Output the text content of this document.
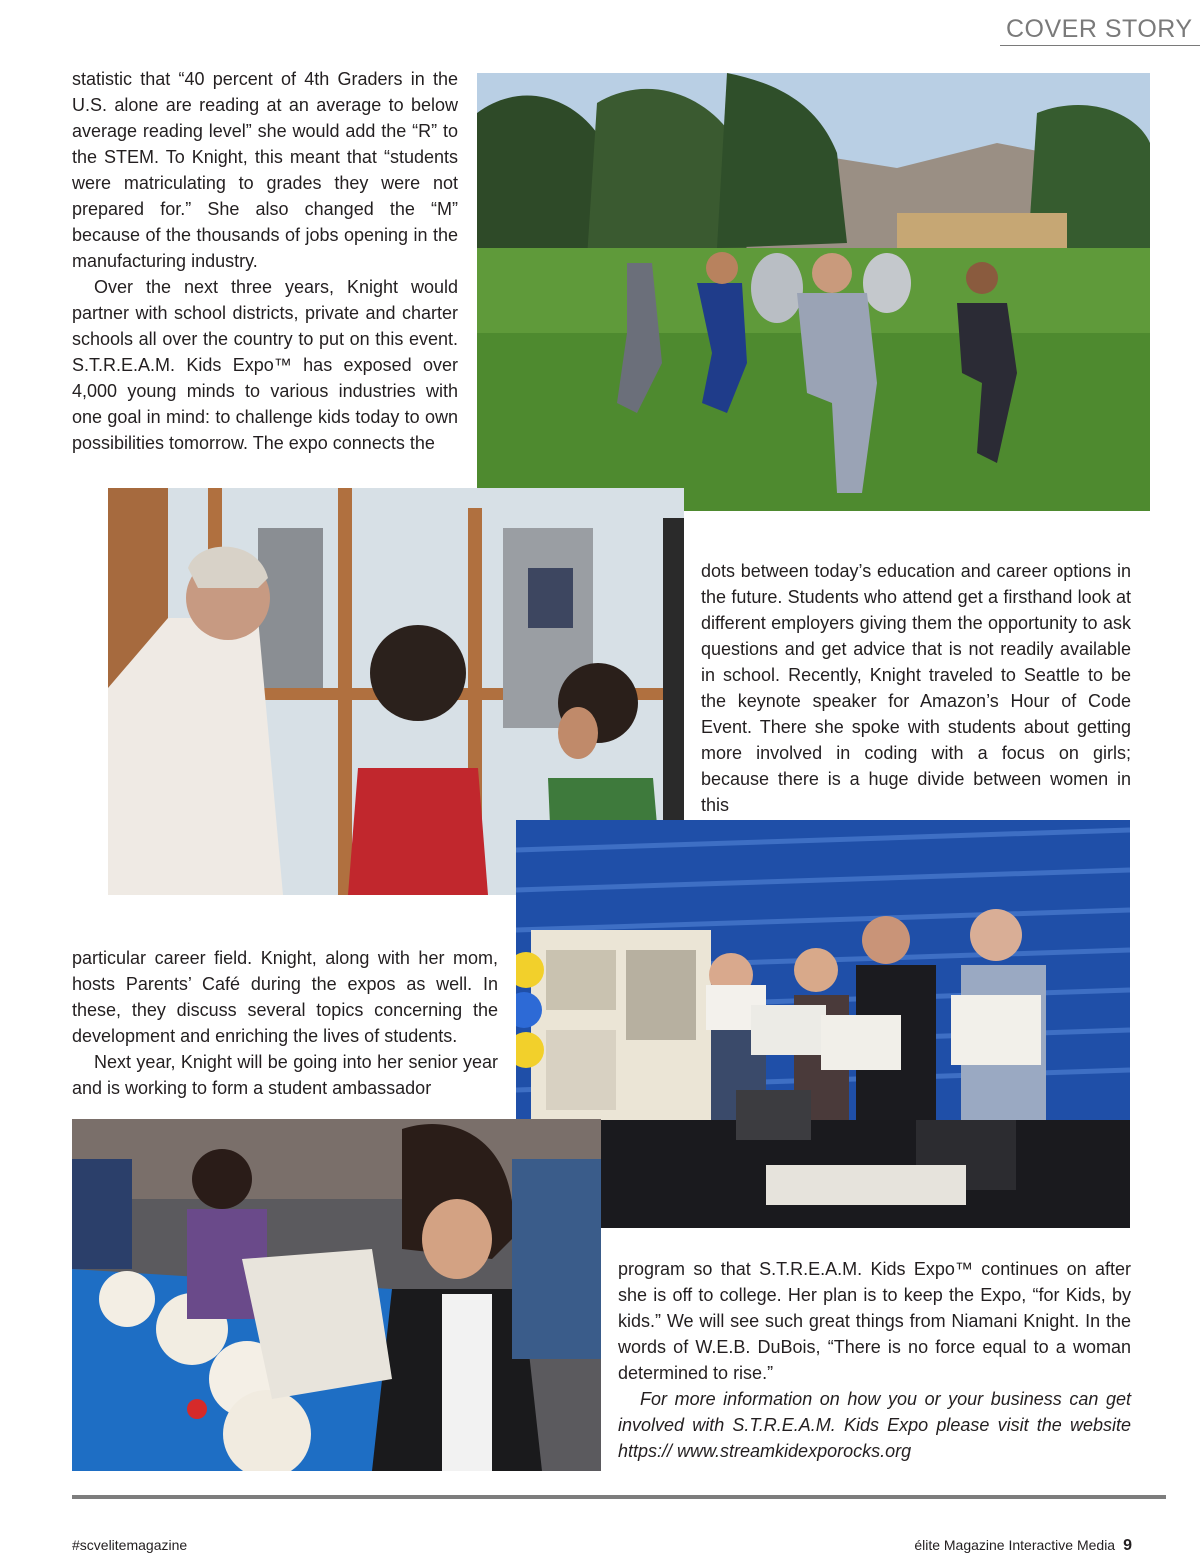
COVER STORY

statistic that “40 percent of 4th Graders in the U.S. alone are reading at an average to below average reading level” she would add the “R” to the STEM. To Knight, this meant that “students were matriculating to grades they were not prepared for.” She also changed the “M” because of the thousands of jobs opening in the manufacturing industry.

Over the next three years, Knight would partner with school districts, private and charter schools all over the country to put on this event. S.T.R.E.A.M. Kids Expo™ has exposed over 4,000 young minds to various industries with one goal in mind: to challenge kids today to own possibilities tomorrow. The expo connects the

dots between today’s education and career options in the future. Students who attend get a firsthand look at different employers giving them the opportunity to ask questions and get advice that is not readily available in school. Recently, Knight traveled to Seattle to be the keynote speaker for Amazon’s Hour of Code Event. There she spoke with students about getting more involved in coding with a focus on girls; because there is a huge divide between women in this

particular career field. Knight, along with her mom, hosts Parents’ Café during the expos as well. In these, they discuss several topics concerning the development and enriching the lives of students.

Next year, Knight will be going into her senior year and is working to form a student ambassador

program so that S.T.R.E.A.M. Kids Expo™ continues on after she is off to college. Her plan is to keep the Expo, “for Kids, by kids.” We will see such great things from Niamani Knight. In the words of W.E.B. DuBois, “There is no force equal to a woman determined to rise.”

For more information on how you or your business can get involved with S.T.R.E.A.M. Kids Expo please visit the website https:// www.streamkidexporocks.org

#scvelitemagazine	élite Magazine Interactive Media 9
